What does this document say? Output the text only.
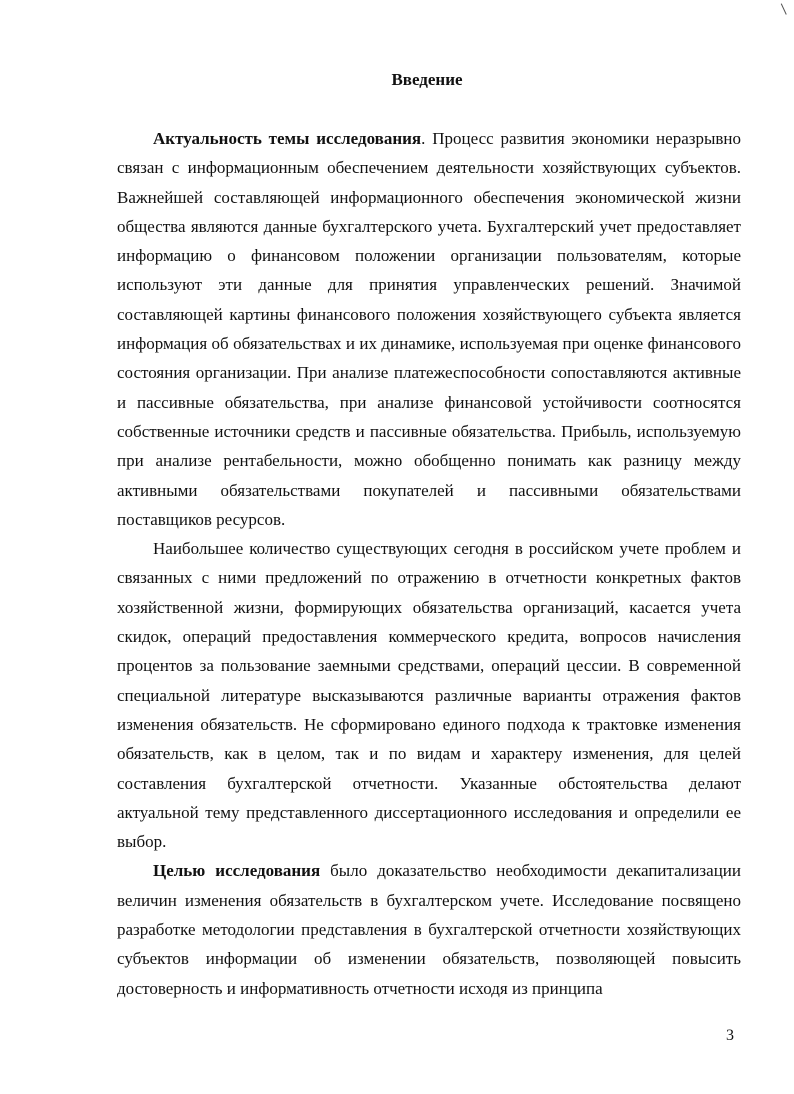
Введение

Актуальность темы исследования. Процесс развития экономики неразрывно связан с информационным обеспечением деятельности хозяйствующих субъектов. Важнейшей составляющей информационного обеспечения экономической жизни общества являются данные бухгалтерского учета. Бухгалтерский учет предоставляет информацию о финансовом положении организации пользователям, которые используют эти данные для принятия управленческих решений. Значимой составляющей картины финансового положения хозяйствующего субъекта является информация об обязательствах и их динамике, используемая при оценке финансового состояния организации. При анализе платежеспособности сопоставляются активные и пассивные обязательства, при анализе финансовой устойчивости соотносятся собственные источники средств и пассивные обязательства. Прибыль, используемую при анализе рентабельности, можно обобщенно понимать как разницу между активными обязательствами покупателей и пассивными обязательствами поставщиков ресурсов.

Наибольшее количество существующих сегодня в российском учете проблем и связанных с ними предложений по отражению в отчетности конкретных фактов хозяйственной жизни, формирующих обязательства организаций, касается учета скидок, операций предоставления коммерческого кредита, вопросов начисления процентов за пользование заемными средствами, операций цессии. В современной специальной литературе высказываются различные варианты отражения фактов изменения обязательств. Не сформировано единого подхода к трактовке изменения обязательств, как в целом, так и по видам и характеру изменения, для целей составления бухгалтерской отчетности. Указанные обстоятельства делают актуальной тему представленного диссертационного исследования и определили ее выбор.

Целью исследования было доказательство необходимости декапитализации величин изменения обязательств в бухгалтерском учете. Исследование посвящено разработке методологии представления в бухгалтерской отчетности хозяйствующих субъектов информации об изменении обязательств, позволяющей повысить достоверность и информативность отчетности исходя из принципа

3
